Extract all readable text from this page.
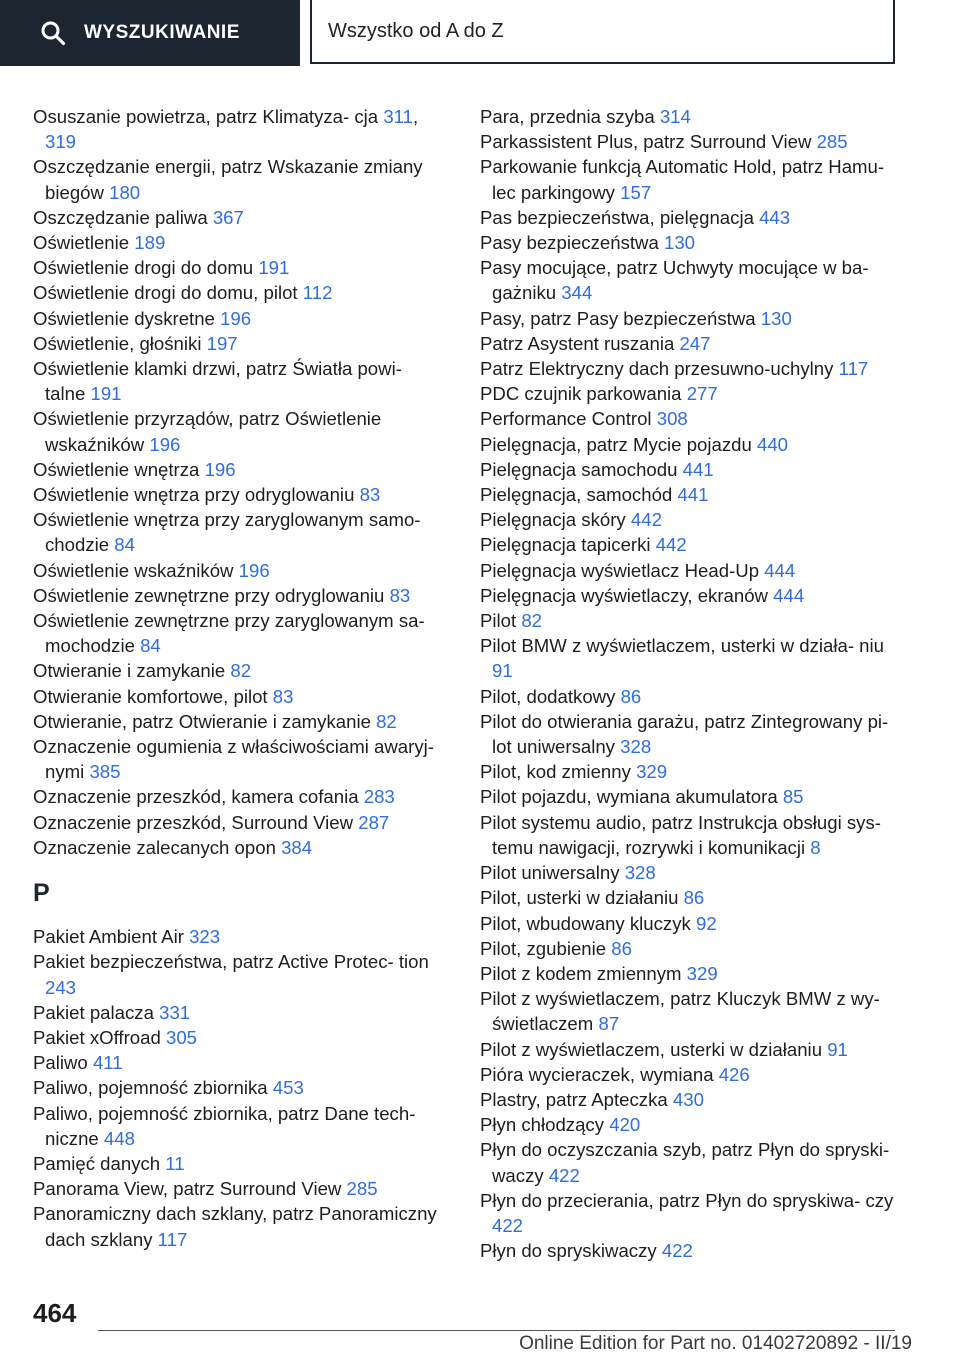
WYSZUKIWANIE	Wszystko od A do Z
Osuszanie powietrza, patrz Klimatyza‐ cja 311, 319
Oszczędzanie energii, patrz Wskazanie zmiany biegów 180
Oszczędzanie paliwa 367
Oświetlenie 189
Oświetlenie drogi do domu 191
Oświetlenie drogi do domu, pilot 112
Oświetlenie dyskretne 196
Oświetlenie, głośniki 197
Oświetlenie klamki drzwi, patrz Światła powi‐ talne 191
Oświetlenie przyrządów, patrz Oświetlenie wskaźników 196
Oświetlenie wnętrza 196
Oświetlenie wnętrza przy odryglowaniu 83
Oświetlenie wnętrza przy zaryglowanym samo‐ chodzie 84
Oświetlenie wskaźników 196
Oświetlenie zewnętrzne przy odryglowaniu 83
Oświetlenie zewnętrzne przy zaryglowanym sa‐ mochodzie 84
Otwieranie i zamykanie 82
Otwieranie komfortowe, pilot 83
Otwieranie, patrz Otwieranie i zamykanie 82
Oznaczenie ogumienia z właściwościami awaryj‐ nymi 385
Oznaczenie przeszkód, kamera cofania 283
Oznaczenie przeszkód, Surround View 287
Oznaczenie zalecanych opon 384
P
Pakiet Ambient Air 323
Pakiet bezpieczeństwa, patrz Active Protec‐ tion 243
Pakiet palacza 331
Pakiet xOffroad 305
Paliwo 411
Paliwo, pojemność zbiornika 453
Paliwo, pojemność zbiornika, patrz Dane tech‐ niczne 448
Pamięć danych 11
Panorama View, patrz Surround View 285
Panoramiczny dach szklany, patrz Panoramiczny dach szklany 117
Para, przednia szyba 314
Parkassistent Plus, patrz Surround View 285
Parkowanie funkcją Automatic Hold, patrz Hamu‐ lec parkingowy 157
Pas bezpieczeństwa, pielęgnacja 443
Pasy bezpieczeństwa 130
Pasy mocujące, patrz Uchwyty mocujące w ba‐ gażniku 344
Pasy, patrz Pasy bezpieczeństwa 130
Patrz Asystent ruszania 247
Patrz Elektryczny dach przesuwno-uchylny 117
PDC czujnik parkowania 277
Performance Control 308
Pielęgnacja, patrz Mycie pojazdu 440
Pielęgnacja samochodu 441
Pielęgnacja, samochód 441
Pielęgnacja skóry 442
Pielęgnacja tapicerki 442
Pielęgnacja wyświetlacz Head-Up 444
Pielęgnacja wyświetlaczy, ekranów 444
Pilot 82
Pilot BMW z wyświetlaczem, usterki w działa‐ niu 91
Pilot, dodatkowy 86
Pilot do otwierania garażu, patrz Zintegrowany pi‐ lot uniwersalny 328
Pilot, kod zmienny 329
Pilot pojazdu, wymiana akumulatora 85
Pilot systemu audio, patrz Instrukcja obsługi sys‐ temu nawigacji, rozrywki i komunikacji 8
Pilot uniwersalny 328
Pilot, usterki w działaniu 86
Pilot, wbudowany kluczyk 92
Pilot, zgubienie 86
Pilot z kodem zmiennym 329
Pilot z wyświetlaczem, patrz Kluczyk BMW z wy‐ świetlaczem 87
Pilot z wyświetlaczem, usterki w działaniu 91
Pióra wycieraczek, wymiana 426
Plastry, patrz Apteczka 430
Płyn chłodzący 420
Płyn do oczyszczania szyb, patrz Płyn do spryski‐ waczy 422
Płyn do przecierania, patrz Płyn do spryskiwa‐ czy 422
Płyn do spryskiwaczy 422
464
Online Edition for Part no. 01402720892 - II/19
